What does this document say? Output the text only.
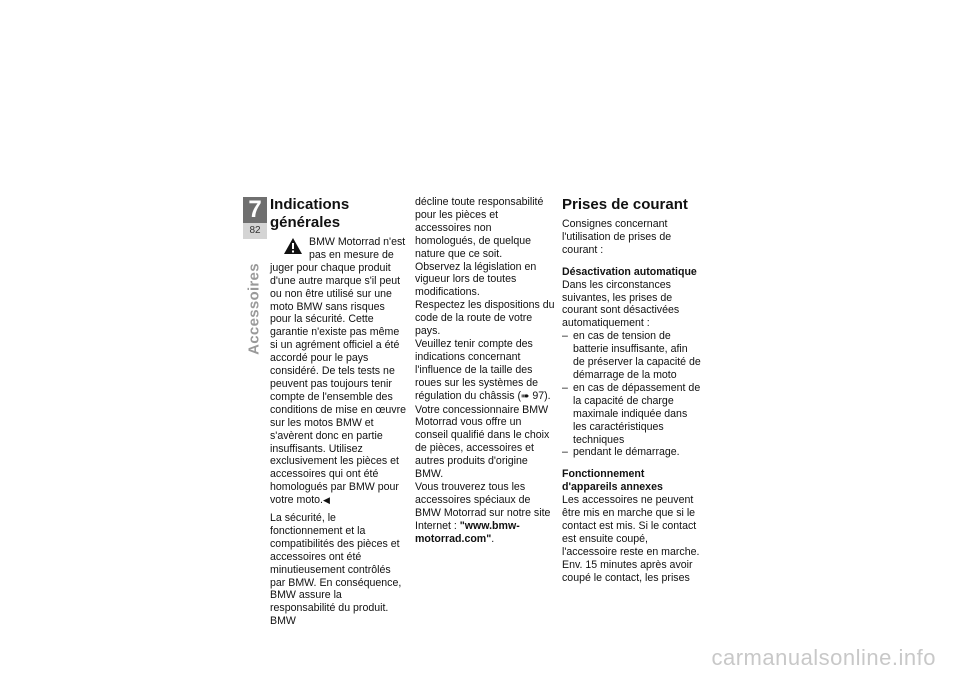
7
82
Accessoires
Indications générales

BMW Motorrad n'est pas en mesure de juger pour chaque produit d'une autre marque s'il peut ou non être utilisé sur une moto BMW sans risques pour la sécurité. Cette garantie n'existe pas même si un agrément officiel a été accordé pour le pays considéré. De tels tests ne peuvent pas toujours tenir compte de l'ensemble des conditions de mise en œuvre sur les motos BMW et s'avèrent donc en partie insuffisants. Utilisez exclusivement les pièces et accessoires qui ont été homologués par BMW pour votre moto.◀

La sécurité, le fonctionnement et la compatibilités des pièces et accessoires ont été minutieusement contrôlés par BMW. En conséquence, BMW assure la responsabilité du produit. BMW

décline toute responsabilité pour les pièces et accessoires non homologués, de quelque nature que ce soit.

Observez la législation en vigueur lors de toutes modifications.

Respectez les dispositions du code de la route de votre pays.

Veuillez tenir compte des indications concernant l'influence de la taille des roues sur les systèmes de régulation du châssis (➠ 97).

Votre concessionnaire BMW Motorrad vous offre un conseil qualifié dans le choix de pièces, accessoires et autres produits d'origine BMW.

Vous trouverez tous les accessoires spéciaux de BMW Motorrad sur notre site Internet : "www.bmw-motorrad.com".

Prises de courant

Consignes concernant l'utilisation de prises de courant :

Désactivation automatique

Dans les circonstances suivantes, les prises de courant sont désactivées automatiquement :

– en cas de tension de batterie insuffisante, afin de préserver la capacité de démarrage de la moto
– en cas de dépassement de la capacité de charge maximale indiquée dans les caractéristiques techniques
– pendant le démarrage.

Fonctionnement d'appareils annexes

Les accessoires ne peuvent être mis en marche que si le contact est mis. Si le contact est ensuite coupé, l'accessoire reste en marche. Env. 15 minutes après avoir coupé le contact, les prises

carmanualsonline.info
